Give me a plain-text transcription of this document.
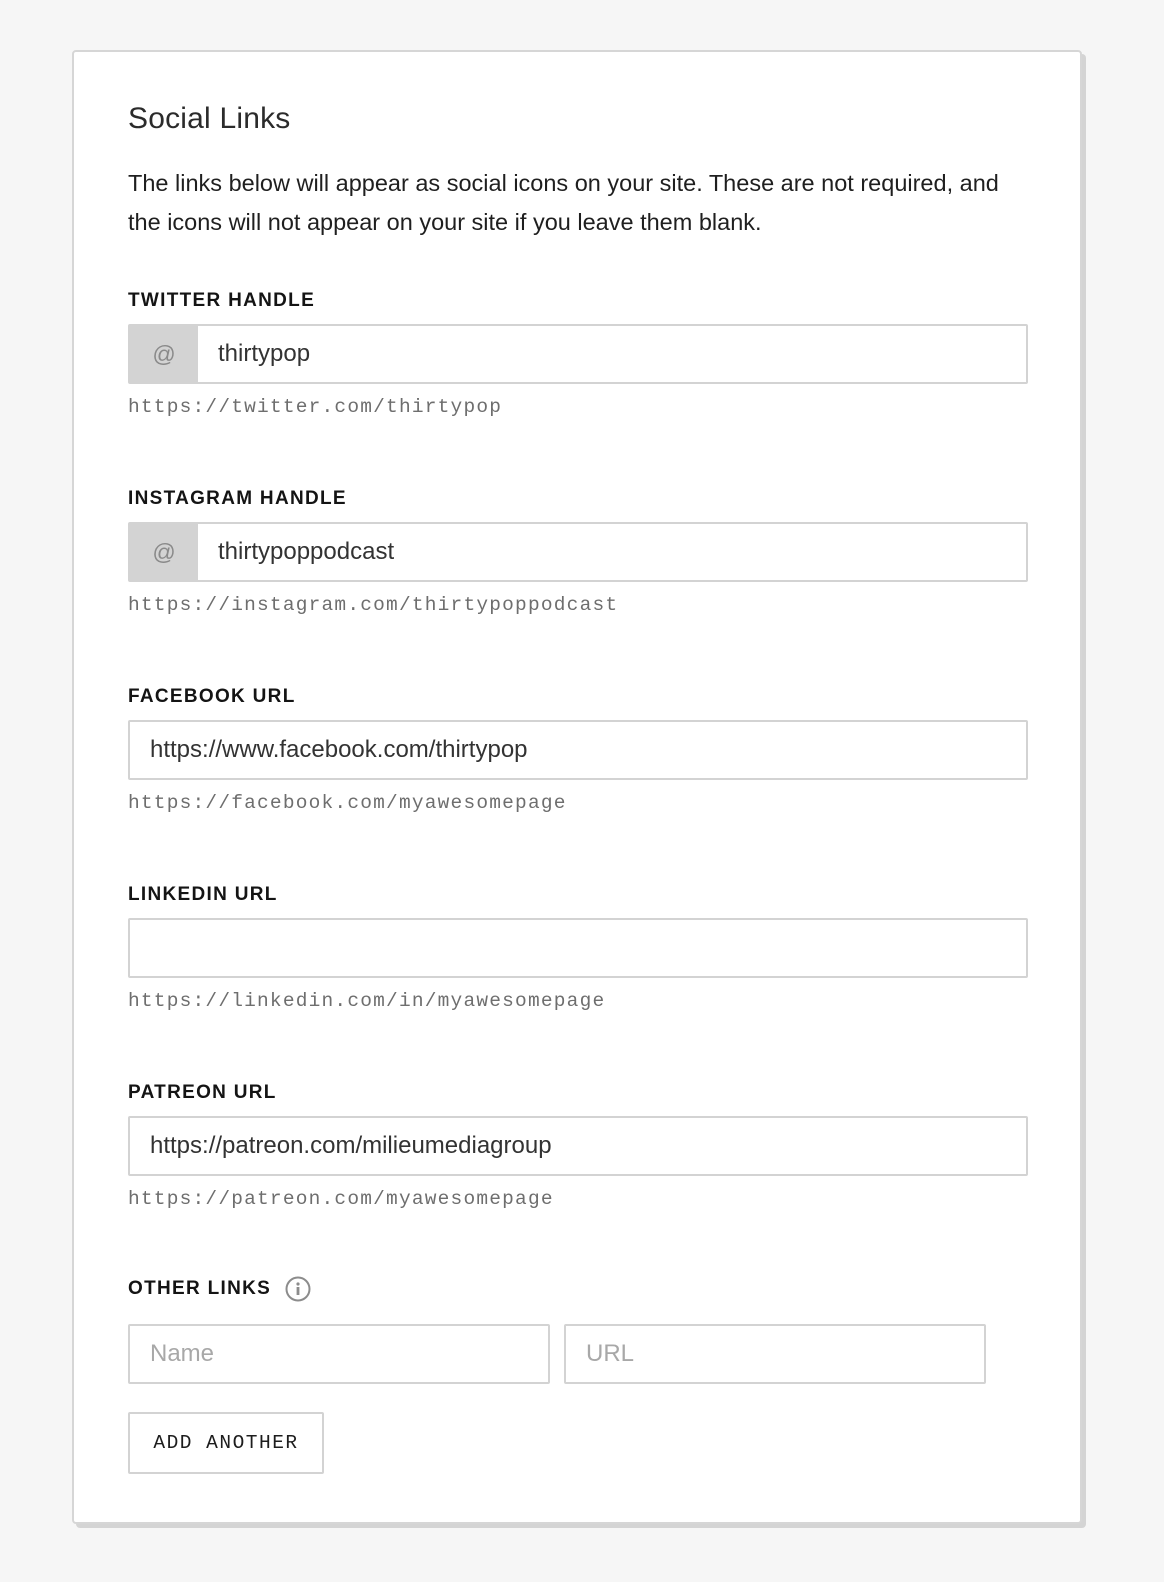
Social Links

The links below will appear as social icons on your site. These are not required, and the icons will not appear on your site if you leave them blank.

TWITTER HANDLE
@
thirtypop
https://twitter.com/thirtypop
INSTAGRAM HANDLE
@
thirtypoppodcast
https://instagram.com/thirtypoppodcast
FACEBOOK URL
https://www.facebook.com/thirtypop
https://facebook.com/myawesomepage
LINKEDIN URL
https://linkedin.com/in/myawesomepage
PATREON URL
https://patreon.com/milieumediagroup
https://patreon.com/myawesomepage
OTHER LINKS
Name
URL
ADD ANOTHER
